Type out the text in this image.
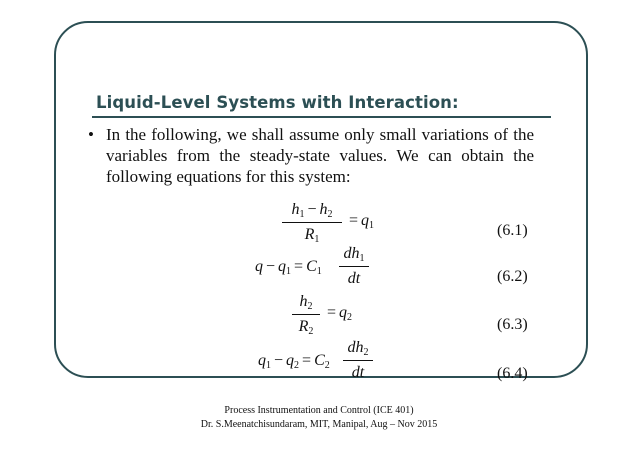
Liquid-Level Systems with Interaction:
• In the following, we shall assume only small variations of the variables from the steady-state values. We can obtain the following equations for this system:

$h_1 - h_2$
$R_1$
= $q_1$	(6.1)
$q - q_1 = C_1$
$dh_1$
dt	(6.2)
$h_2$
$R_2$
= $q_2$	(6.3)
$q_1 - q_2 = C_2$
$dh_2$
dt	(6.4)

Process Instrumentation and Control (ICE 401)

Dr. S.Meenatchisundaram, MIT, Manipal, Aug – Nov 2015
